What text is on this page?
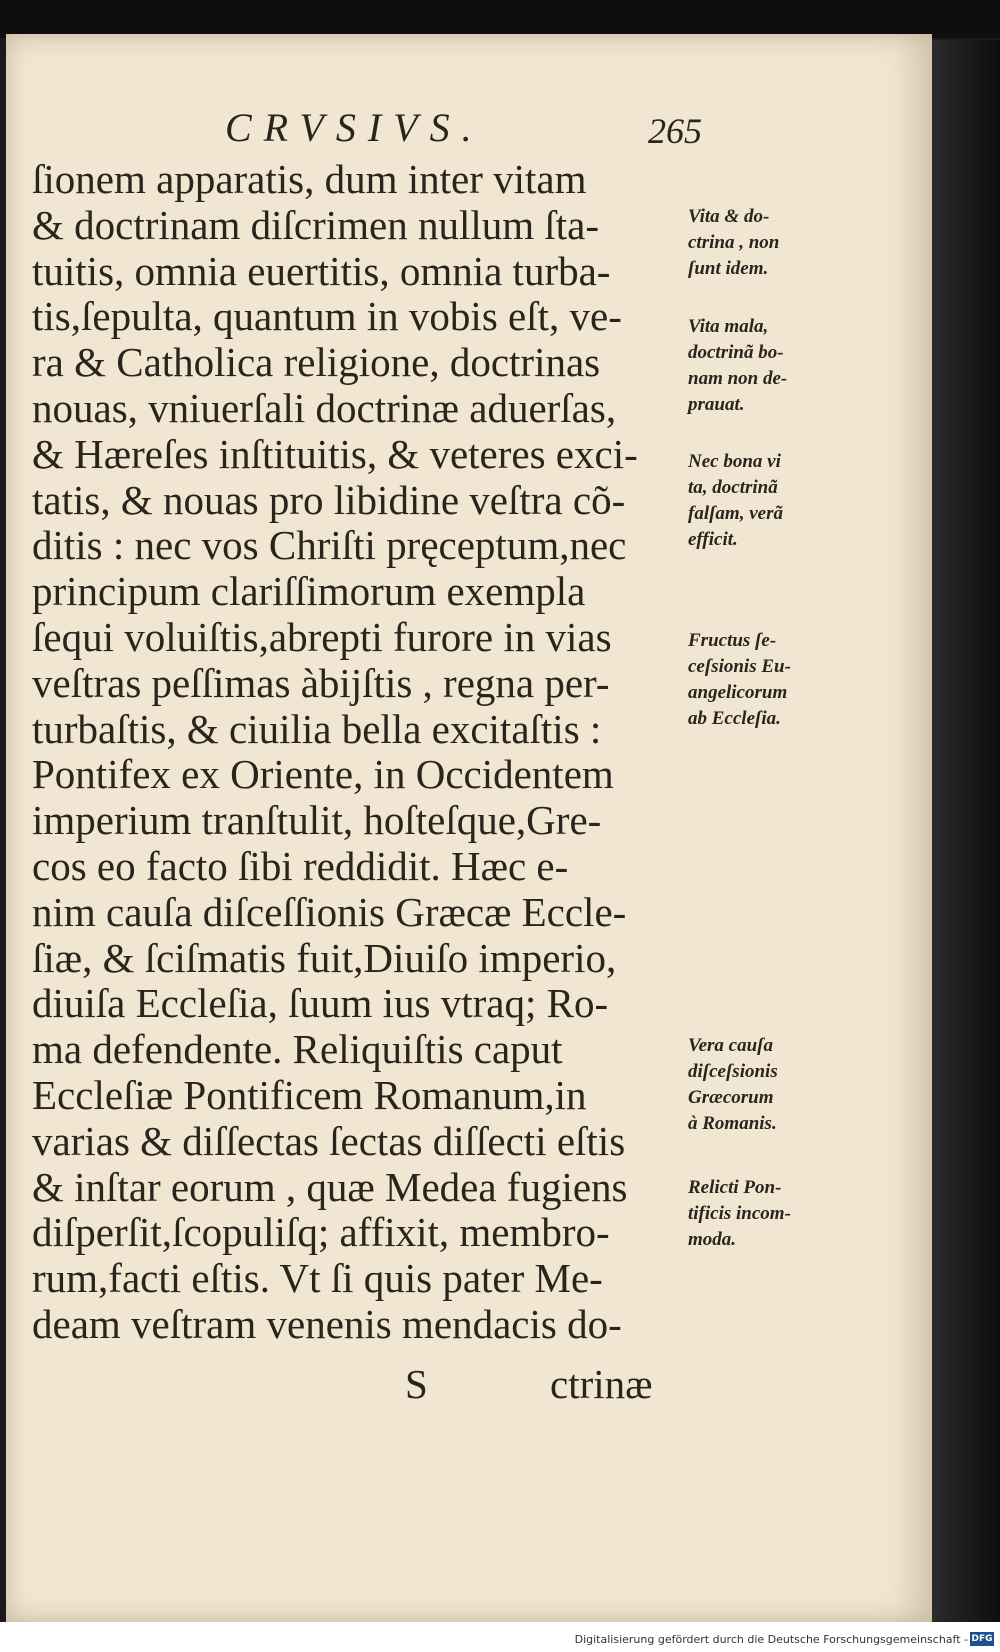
CRVSIVS.	265
ſionem apparatis, dum inter vitam
& doctrinam diſcrimen nullum ſta-
tuitis, omnia euertitis, omnia turba-
tis,ſepulta, quantum in vobis eſt, ve-
ra & Catholica religione, doctrinas
nouas, vniuerſali doctrinæ aduerſas,
& Hæreſes inſtituitis, & veteres exci-
tatis, & nouas pro libidine veſtra cõ-
ditis : nec vos Chriſti pręceptum,nec
principum clariſſimorum exempla
ſequi voluiſtis,abrepti furore in vias
veſtras peſſimas àbijſtis , regna per-
turbaſtis, & ciuilia bella excitaſtis :
Pontifex ex Oriente, in Occidentem
imperium tranſtulit, hoſteſque,Gre-
cos eo facto ſibi reddidit. Hæc e-
nim cauſa diſceſſionis Græcæ Eccle-
ſiæ, & ſciſmatis fuit,Diuiſo imperio,
diuiſa Eccleſia, ſuum ius vtraq; Ro-
ma defendente. Reliquiſtis caput
Eccleſiæ Pontificem Romanum,in
varias & diſſectas ſectas diſſecti eſtis
& inſtar eorum , quæ Medea fugiens
diſperſit,ſcopuliſq; affixit, membro-
rum,facti eſtis. Vt ſi quis pater Me-
deam veſtram venenis mendacis do-
Vita & do-
ctrina , non
ſunt idem.
Vita mala,
doctrinã bo-
nam non de-
prauat.
Nec bona vi
ta, doctrinã
falſam, verã
efficit.
Fructus ſe-
ceſsionis Eu-
angelicorum
ab Eccleſia.
Vera cauſa
diſceſsionis
Græcorum
à Romanis.
Relicti Pon-
tificis incom-
moda.
S	ctrinæ
Digitalisierung gefördert durch die Deutsche Forschungsgemeinschaft - DFG
